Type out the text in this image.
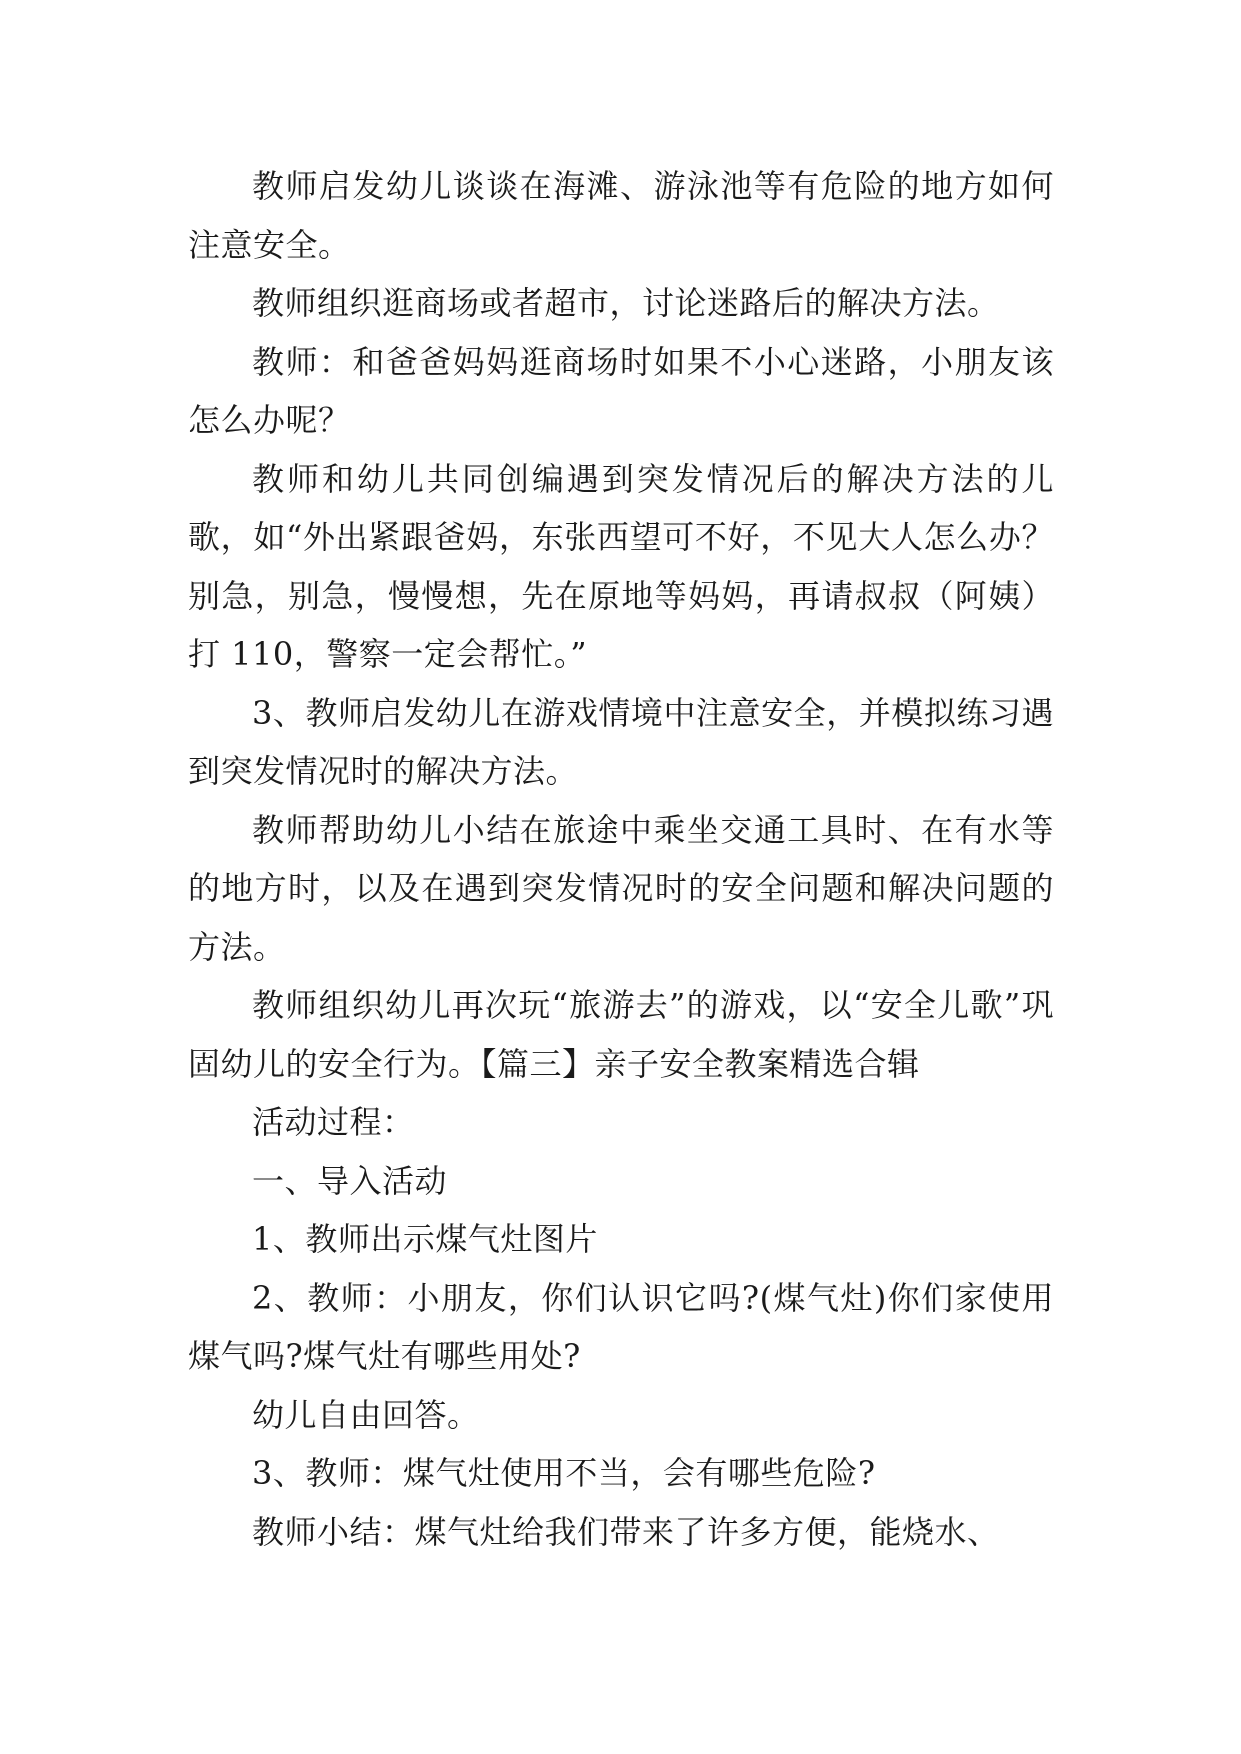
教师启发幼儿谈谈在海滩、游泳池等有危险的地方如何注意安全。

教师组织逛商场或者超市，讨论迷路后的解决方法。

教师：和爸爸妈妈逛商场时如果不小心迷路，小朋友该怎么办呢？

教师和幼儿共同创编遇到突发情况后的解决方法的儿歌，如“外出紧跟爸妈，东张西望可不好，不见大人怎么办？别急，别急，慢慢想，先在原地等妈妈，再请叔叔（阿姨）打 110，警察一定会帮忙。”

3、教师启发幼儿在游戏情境中注意安全，并模拟练习遇到突发情况时的解决方法。

教师帮助幼儿小结在旅途中乘坐交通工具时、在有水等的地方时，以及在遇到突发情况时的安全问题和解决问题的方法。

教师组织幼儿再次玩“旅游去”的游戏，以“安全儿歌”巩固幼儿的安全行为。【篇三】亲子安全教案精选合辑

活动过程：

一、导入活动

1、教师出示煤气灶图片

2、教师：小朋友，你们认识它吗?(煤气灶)你们家使用煤气吗?煤气灶有哪些用处?

幼儿自由回答。

3、教师：煤气灶使用不当，会有哪些危险?

教师小结：煤气灶给我们带来了许多方便，能烧水、
